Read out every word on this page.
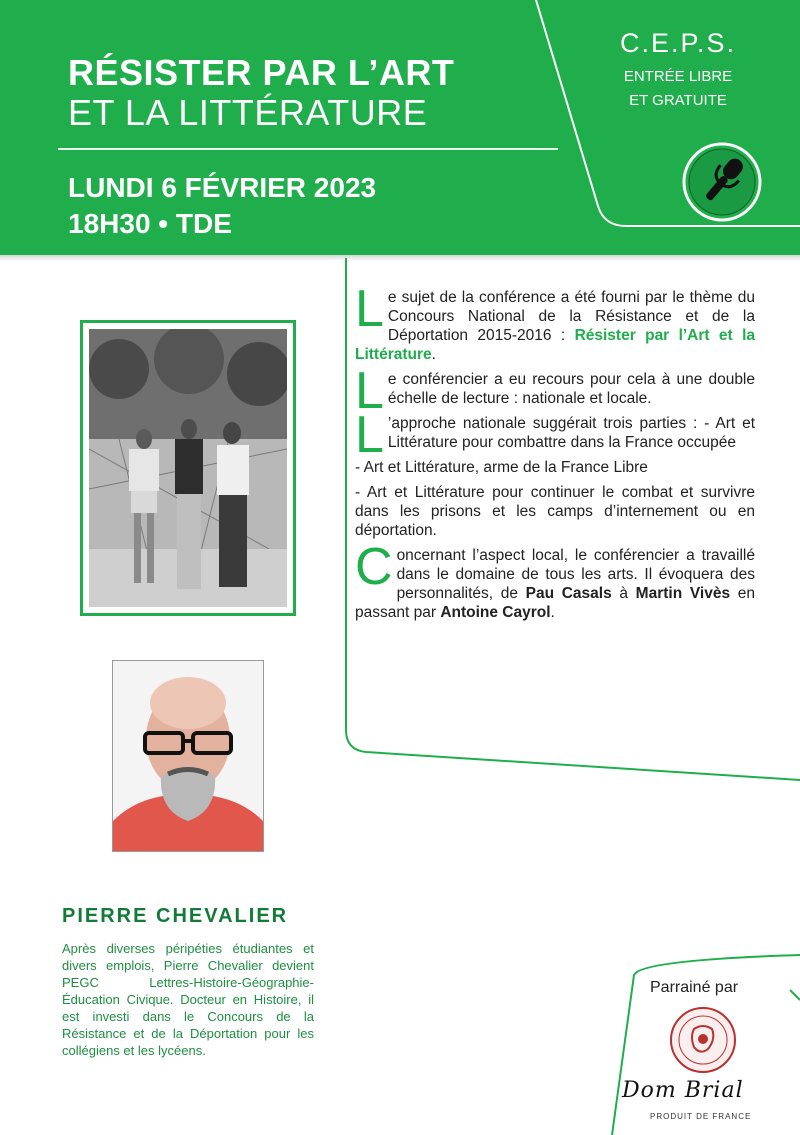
RÉSISTER PAR L’ART
ET LA LITTÉRATURE
LUNDI 6 FÉVRIER 2023
18H30 • TDE
C.E.P.S.
ENTRÉE LIBRE
ET GRATUITE
PIERRE CHEVALIER
Après diverses péripéties étudiantes et divers emplois, Pierre Chevalier devient PEGC Lettres-Histoire-Géographie-Éducation Civique. Docteur en Histoire, il est investi dans le Concours de la Résistance et de la Déportation pour les collégiens et les lycéens.

Le sujet de la conférence a été fourni par le thème du Concours National de la Résistance et de la Déportation 2015-2016 : Résister par l’Art et la Littérature.

Le conférencier a eu recours pour cela à une double échelle de lecture : nationale et locale.

L ’approche nationale suggérait trois parties : - Art et Littérature pour combattre dans la France occupée

- Art et Littérature, arme de la France Libre

- Art et Littérature pour continuer le combat et survivre dans les prisons et les camps d’internement ou en déportation.

Concernant l’aspect local, le conférencier a travaillé dans le domaine de tous les arts. Il évoquera des personnalités, de Pau Casals à Martin Vivès en passant par Antoine Cayrol.

Parrainé par
Dom Brial
PRODUIT DE FRANCE
